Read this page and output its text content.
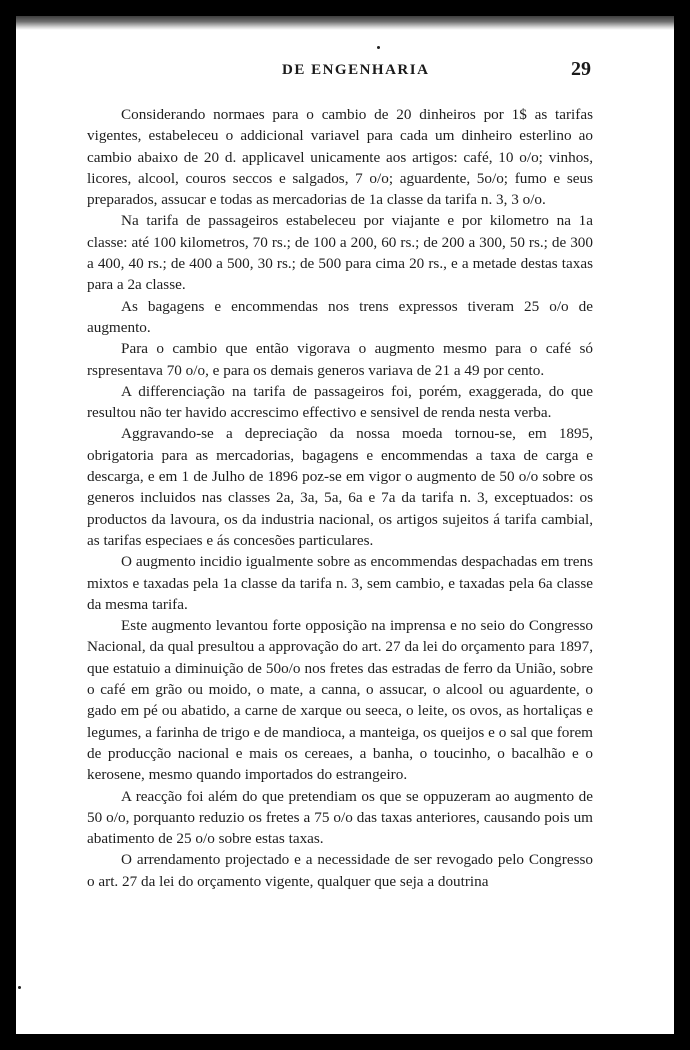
DE ENGENHARIA	29

Considerando normaes para o cambio de 20 dinheiros por 1$ as tarifas vigentes, estabeleceu o addicional variavel para cada um dinheiro esterlino ao cambio abaixo de 20 d. applicavel unicamente aos artigos: café, 10 o/o; vinhos, licores, alcool, couros seccos e salgados, 7 o/o; aguardente, 5o/o; fumo e seus preparados, assucar e todas as mercadorias de 1a classe da tarifa n. 3, 3 o/o.

Na tarifa de passageiros estabeleceu por viajante e por kilometro na 1a classe: até 100 kilometros, 70 rs.; de 100 a 200, 60 rs.; de 200 a 300, 50 rs.; de 300 a 400, 40 rs.; de 400 a 500, 30 rs.; de 500 para cima 20 rs., e a metade destas taxas para a 2a classe.

As bagagens e encommendas nos trens expressos tiveram 25 o/o de augmento.

Para o cambio que então vigorava o augmento mesmo para o café só rspresentava 70 o/o, e para os demais generos variava de 21 a 49 por cento.

A differenciação na tarifa de passageiros foi, porém, exaggerada, do que resultou não ter havido accrescimo effectivo e sensivel de renda nesta verba.

Aggravando-se a depreciação da nossa moeda tornou-se, em 1895, obrigatoria para as mercadorias, bagagens e encommendas a taxa de carga e descarga, e em 1 de Julho de 1896 poz-se em vigor o augmento de 50 o/o sobre os generos incluidos nas classes 2a, 3a, 5a, 6a e 7a da tarifa n. 3, exceptuados: os productos da lavoura, os da industria nacional, os artigos sujeitos á tarifa cambial, as tarifas especiaes e ás concesões particulares.

O augmento incidio igualmente sobre as encommendas despachadas em trens mixtos e taxadas pela 1a classe da tarifa n. 3, sem cambio, e taxadas pela 6a classe da mesma tarifa.

Este augmento levantou forte opposição na imprensa e no seio do Congresso Nacional, da qual presultou a approvação do art. 27 da lei do orçamento para 1897, que estatuio a diminuição de 50o/o nos fretes das estradas de ferro da União, sobre o café em grão ou moido, o mate, a canna, o assucar, o alcool ou aguardente, o gado em pé ou abatido, a carne de xarque ou seeca, o leite, os ovos, as hortaliças e legumes, a farinha de trigo e de mandioca, a manteiga, os queijos e o sal que forem de producção nacional e mais os cereaes, a banha, o toucinho, o bacalhão e o kerosene, mesmo quando importados do estrangeiro.

A reacção foi além do que pretendiam os que se oppuzeram ao augmento de 50 o/o, porquanto reduzio os fretes a 75 o/o das taxas anteriores, causando pois um abatimento de 25 o/o sobre estas taxas.

O arrendamento projectado e a necessidade de ser revogado pelo Congresso o art. 27 da lei do orçamento vigente, qualquer que seja a doutrina
